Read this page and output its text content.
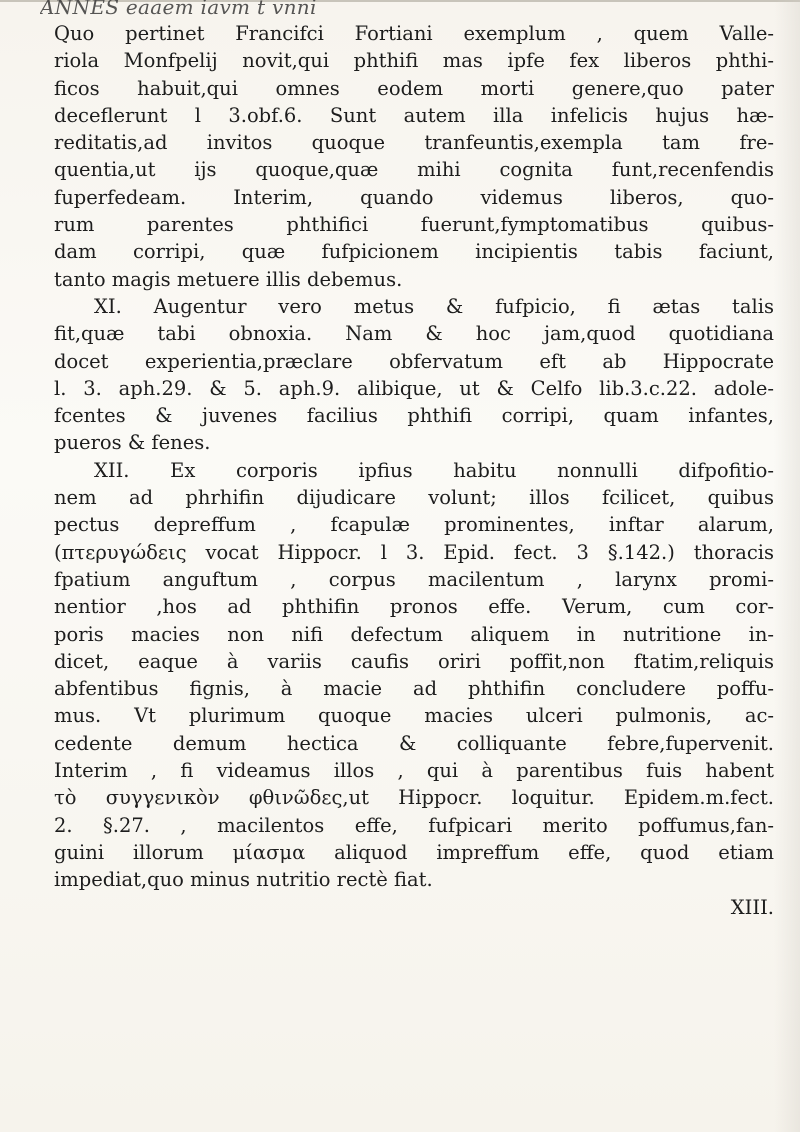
ANNES eaaem iavm t vnni
Quo pertinet Francifci Fortiani exemplum , quem Valle-
riola Monfpelij novit,qui phthifi mas ipfe fex liberos phthi-
ficos habuit,qui omnes eodem morti genere,quo pater
deceflerunt l 3.obf.6. Sunt autem illa infelicis hujus hæ-
reditatis,ad invitos quoque tranfeuntis,exempla tam fre-
quentia,ut ijs quoque,quæ mihi cognita funt,recenfendis
fuperfedeam. Interim, quando videmus liberos, quo-
rum parentes phthifici fuerunt,fymptomatibus quibus-
dam corripi, quæ fufpicionem incipientis tabis faciunt,
tanto magis metuere illis debemus.
XI. Augentur vero metus & fufpicio, fi ætas talis
fit,quæ tabi obnoxia. Nam & hoc jam,quod quotidiana
docet experientia,præclare obfervatum eft ab Hippocrate
l. 3. aph.29. & 5. aph.9. alibique, ut & Celfo lib.3.c.22. adole-
fcentes & juvenes facilius phthifi corripi, quam infantes,
pueros & fenes.
XII. Ex corporis ipfius habitu nonnulli difpofitio-
nem ad phrhifin dijudicare volunt; illos fcilicet, quibus
pectus depreffum , fcapulæ prominentes, inftar alarum,
(πτερυγώδεις vocat Hippocr. l 3. Epid. fect. 3 §.142.) thoracis
fpatium anguftum , corpus macilentum , larynx promi-
nentior ,hos ad phthifin pronos effe. Verum, cum cor-
poris macies non nifi defectum aliquem in nutritione in-
dicet, eaque à variis caufis oriri poffit,non ftatim,reliquis
abfentibus fignis, à macie ad phthifin concludere poffu-
mus. Vt plurimum quoque macies ulceri pulmonis, ac-
cedente demum hectica & colliquante febre,fupervenit.
Interim , fi videamus illos , qui à parentibus fuis habent
τὸ συγγενικὸν φθινῶδες,ut Hippocr. loquitur. Epidem.m.fect.
2. §.27. , macilentos effe, fufpicari merito poffumus,fan-
guini illorum μίασμα aliquod impreffum effe, quod etiam
impediat,quo minus nutritio rectè fiat.
XIII.
